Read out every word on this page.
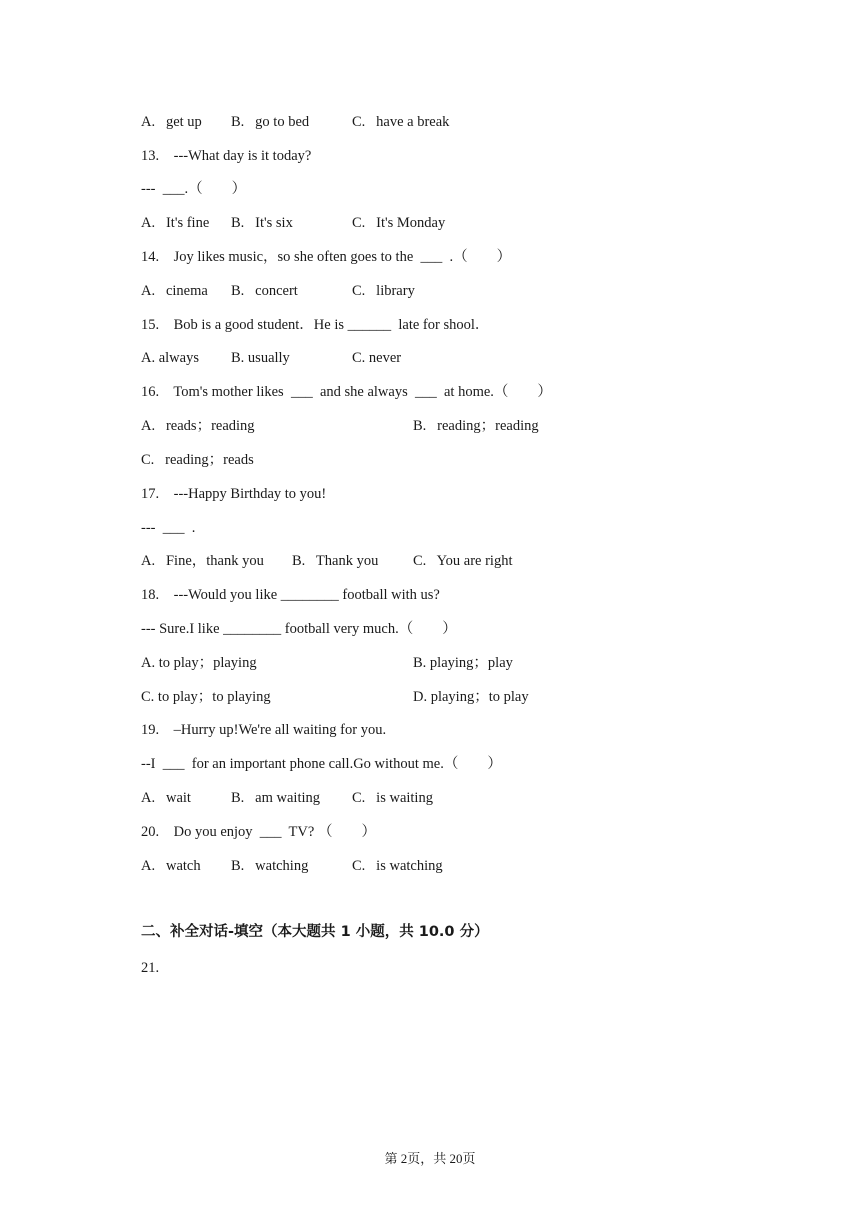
A.   get up B.   go to bed	C.   have a break
13.    ---What day is it today?
---  ___.（        ）
A.   It's fine B.   It's six	C.   It's Monday
14.    Joy likes music，so she often goes to the  ___  .（        ）
A.   cinema B.   concert	C.   library
15.    Bob is a good student．He is ______  late for shool．
A. always B. usually	C. never
16.    Tom's mother likes  ___  and she always  ___  at home.（        ）
A.   reads；reading	B.   reading；reading
C.   reading；reads
17.    ---Happy Birthday to you!
---  ___  .
A.   Fine，thank you B.   Thank you C.   You are right
18.    ---Would you like ________ football with us?
--- Sure.I like ________ football very much.（        ）
A. to play；playing	B. playing；play
C. to play；to playing	D. playing；to play
19.    –Hurry up!We're all waiting for you.
--I  ___  for an important phone call.Go without me.（        ）
A.   wait	B.   am waiting C.   is waiting
20.    Do you enjoy  ___  TV? （        ）
A.   watch B.   watching	C.   is watching
二、补全对话-填空（本大题共 1 小题，共 10.0 分）
21.
第 2页，共 20页
